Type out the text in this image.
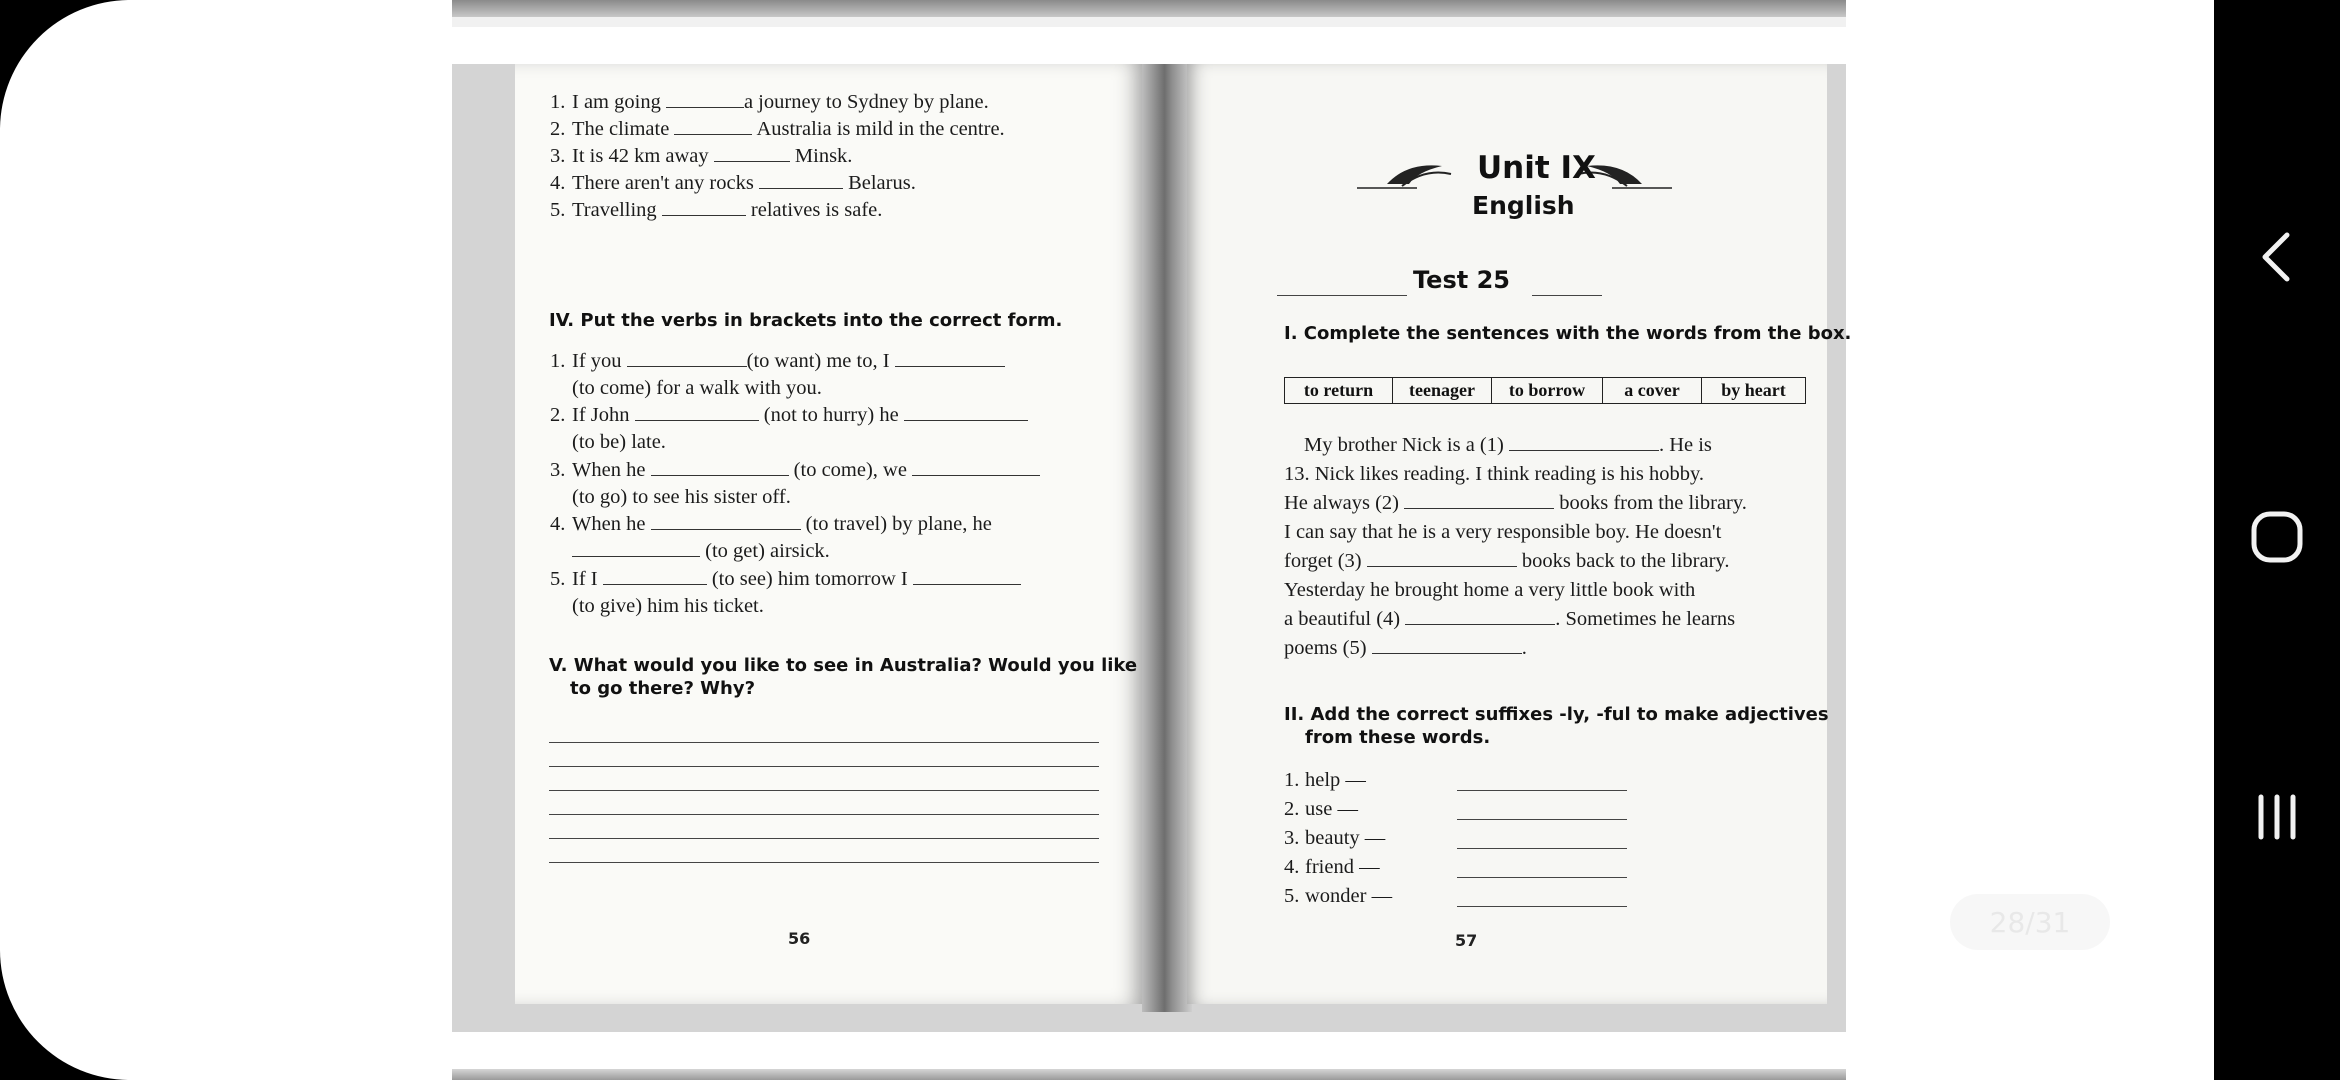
1. I am going	a journey to Sydney by plane.
2. The climate	Australia is mild in the centre.
3. It is 42 km away	Minsk.
4. There aren't any rocks	Belarus.
5. Travelling	relatives is safe.
IV. Put the verbs in brackets into the correct form.
1. If you	(to want) me to, I
(to come) for a walk with you.
2. If John	(not to hurry) he
(to be) late.
3. When he	(to come), we
(to go) to see his sister off.
4. When he	(to travel) by plane, he
(to get) airsick.
5. If I	(to see) him tomorrow I
(to give) him his ticket.
V. What would you like to see in Australia? Would you like
to go there? Why?
56
Unit IX
English
Test 25
I. Complete the sentences with the words from the box.
to return	teenager	to borrow	a cover	by heart
My brother Nick is a (1)	. He is
13. Nick likes reading. I think reading is his hobby.
He always (2)	books from the library.
I can say that he is a very responsible boy. He doesn't
forget (3)	books back to the library.
Yesterday he brought home a very little book with
a beautiful (4)	. Sometimes he learns
poems (5)	.
II. Add the correct suffixes -ly, -ful to make adjectives
from these words.
1. help —
2. use —
3. beauty —
4. friend —
5. wonder —
57
28/31
